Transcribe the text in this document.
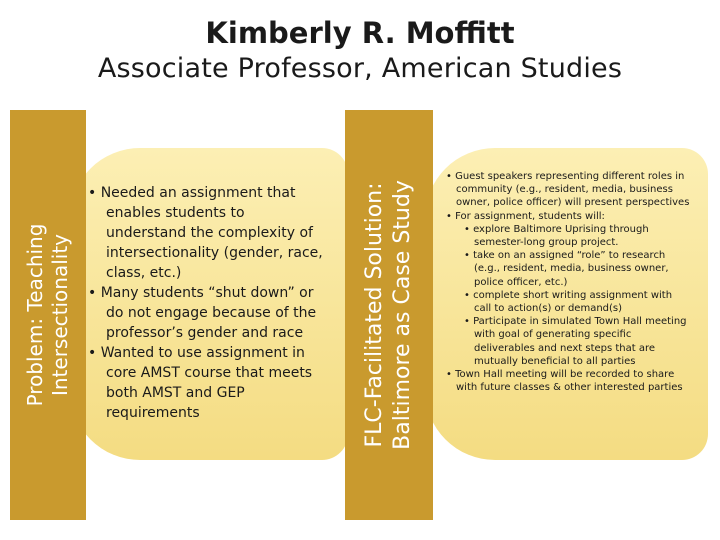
Kimberly R. Moffitt
Associate Professor, American Studies
Problem: Teaching Intersectionality
• Needed an assignment that enables students to understand the complexity of intersectionality (gender, race, class, etc.)
• Many students “shut down” or do not engage because of the professor’s gender and race
• Wanted to use assignment in core AMST course that meets both AMST and GEP requirements	FLC-Facilitated Solution: Baltimore as Case Study
• Guest speakers representing different roles in community (e.g., resident, media, business owner, police officer) will present perspectives
• For assignment, students will:
• explore Baltimore Uprising through semester-long group project.
• take on an assigned “role” to research (e.g., resident, media, business owner, police officer, etc.)
• complete short writing assignment with call to action(s) or demand(s)
• Participate in simulated Town Hall meeting with goal of generating specific deliverables and next steps that are mutually beneficial to all parties
• Town Hall meeting will be recorded to share with future classes & other interested parties
